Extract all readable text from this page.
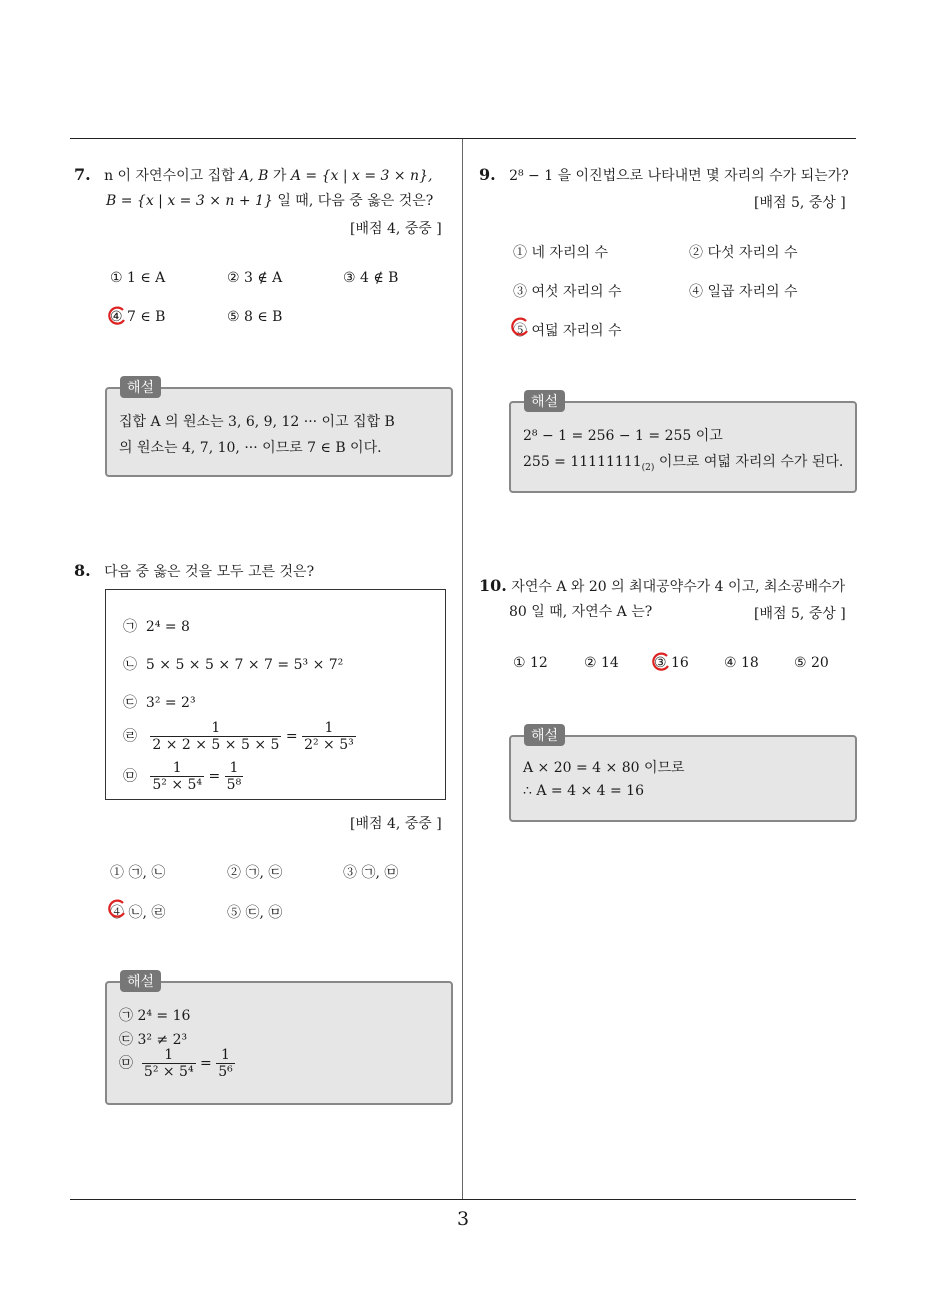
7. n 이 자연수이고 집합 A, B 가 A = {x | x = 3 × n},
B = {x | x = 3 × n + 1} 일 때, 다음 중 옳은 것은?
[배점 4, 중중 ]
① 1 ∈ A	② 3 ∉ A	③ 4 ∉ B
④ 7 ∈ B	⑤ 8 ∈ B
집합 A 의 원소는 3, 6, 9, 12 ··· 이고 집합 B
의 원소는 4, 7, 10, ··· 이므로 7 ∈ B 이다.
해설
8. 다음 중 옳은 것을 모두 고른 것은?
㉠ 2⁴ = 8
㉡ 5 × 5 × 5 × 7 × 7 = 5³ × 7²
㉢ 3² = 2³
㉣ $\frac{1}{2 \times 2 \times 5 \times 5 \times 5} = \frac{1}{\text{2² × 5³}}$
㉤ $\frac{1}{\text{5² × 5⁴}} = \frac{1}{\text{5⁸}}$
[배점 4, 중중 ]
① ㉠, ㉡	② ㉠, ㉢	③ ㉠, ㉤
④ ㉡, ㉣	⑤ ㉢, ㉤
㉠ 2⁴ = 16
㉢ 3² ≠ 2³
㉤ $\frac{1}{\text{5² × 5⁴}} = \frac{1}{\text{5⁶}}$
해설
9. 2⁸ − 1 을 이진법으로 나타내면 몇 자리의 수가 되는가?
[배점 5, 중상 ]
① 네 자리의 수	② 다섯 자리의 수
③ 여섯 자리의 수	④ 일곱 자리의 수
⑤ 여덟 자리의 수
2⁸ − 1 = 256 − 1 = 255 이고
$255 = 11111111_{(2)}$ 이므로 여덟 자리의 수가 된다.
해설
10. 자연수 A 와 20 의 최대공약수가 4 이고, 최소공배수가
80 일 때, 자연수 A 는?	[배점 5, 중상 ]
① 12	② 14	③ 16	④ 18	⑤ 20
A × 20 = 4 × 80 이므로
∴ A = 4 × 4 = 16
해설
3
